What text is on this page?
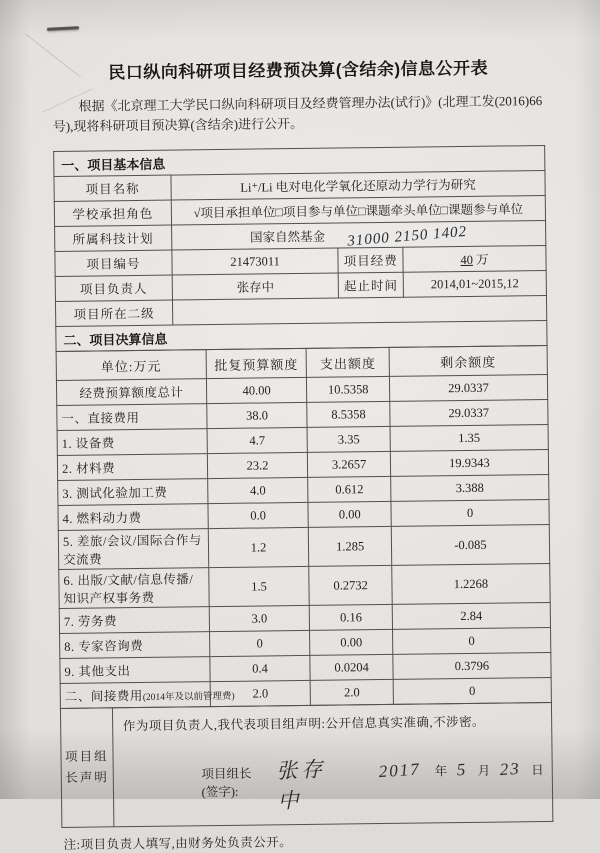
民口纵向科研项目经费预决算(含结余)信息公开表

根据《北京理工大学民口纵向科研项目及经费管理办法(试行)》(北理工发(2016)66号),现将科研项目预决算(含结余)进行公开。

一、项目基本信息			
项目名称	Li⁺/Li 电对电化学氧化还原动力学行为研究		
学校承担角色	√项目承担单位□项目参与单位□课题牵头单位□课题参与单位		
所属科技计划	国家自然基金 31000 2150 1402		

项目编号	21473011	项目经费	40 万
项目负责人	张存中	起止时间	2014,01~2015,12
项目所在二级			
二、项目决算信息			
单位:万元	批复预算额度	支出额度	剩余额度
经费预算额度总计	40.00	10.5358	29.0337
一、直接费用	38.0	8.5358	29.0337
1. 设备费	4.7	3.35	1.35
2. 材料费	23.2	3.2657	19.9343
3. 测试化验加工费	4.0	0.612	3.388
4. 燃料动力费	0.0	0.00	0
5. 差旅/会议/国际合作与交流费	1.2	1.285	-0.085
6. 出版/文献/信息传播/知识产权事务费	1.5	0.2732	1.2268
7. 劳务费	3.0	0.16	2.84
8. 专家咨询费	0	0.00	0
9. 其他支出	0.4	0.0204	0.3796
二、间接费用(2014年及以前管理费)	2.0	2.0	0
项目组长声明	
作为项目负责人,我代表项目组声明:公开信息真实准确,不涉密。
项目组长(签字):
张存中
2017 年 5 月 23 日

注:项目负责人填写,由财务处负责公开。
